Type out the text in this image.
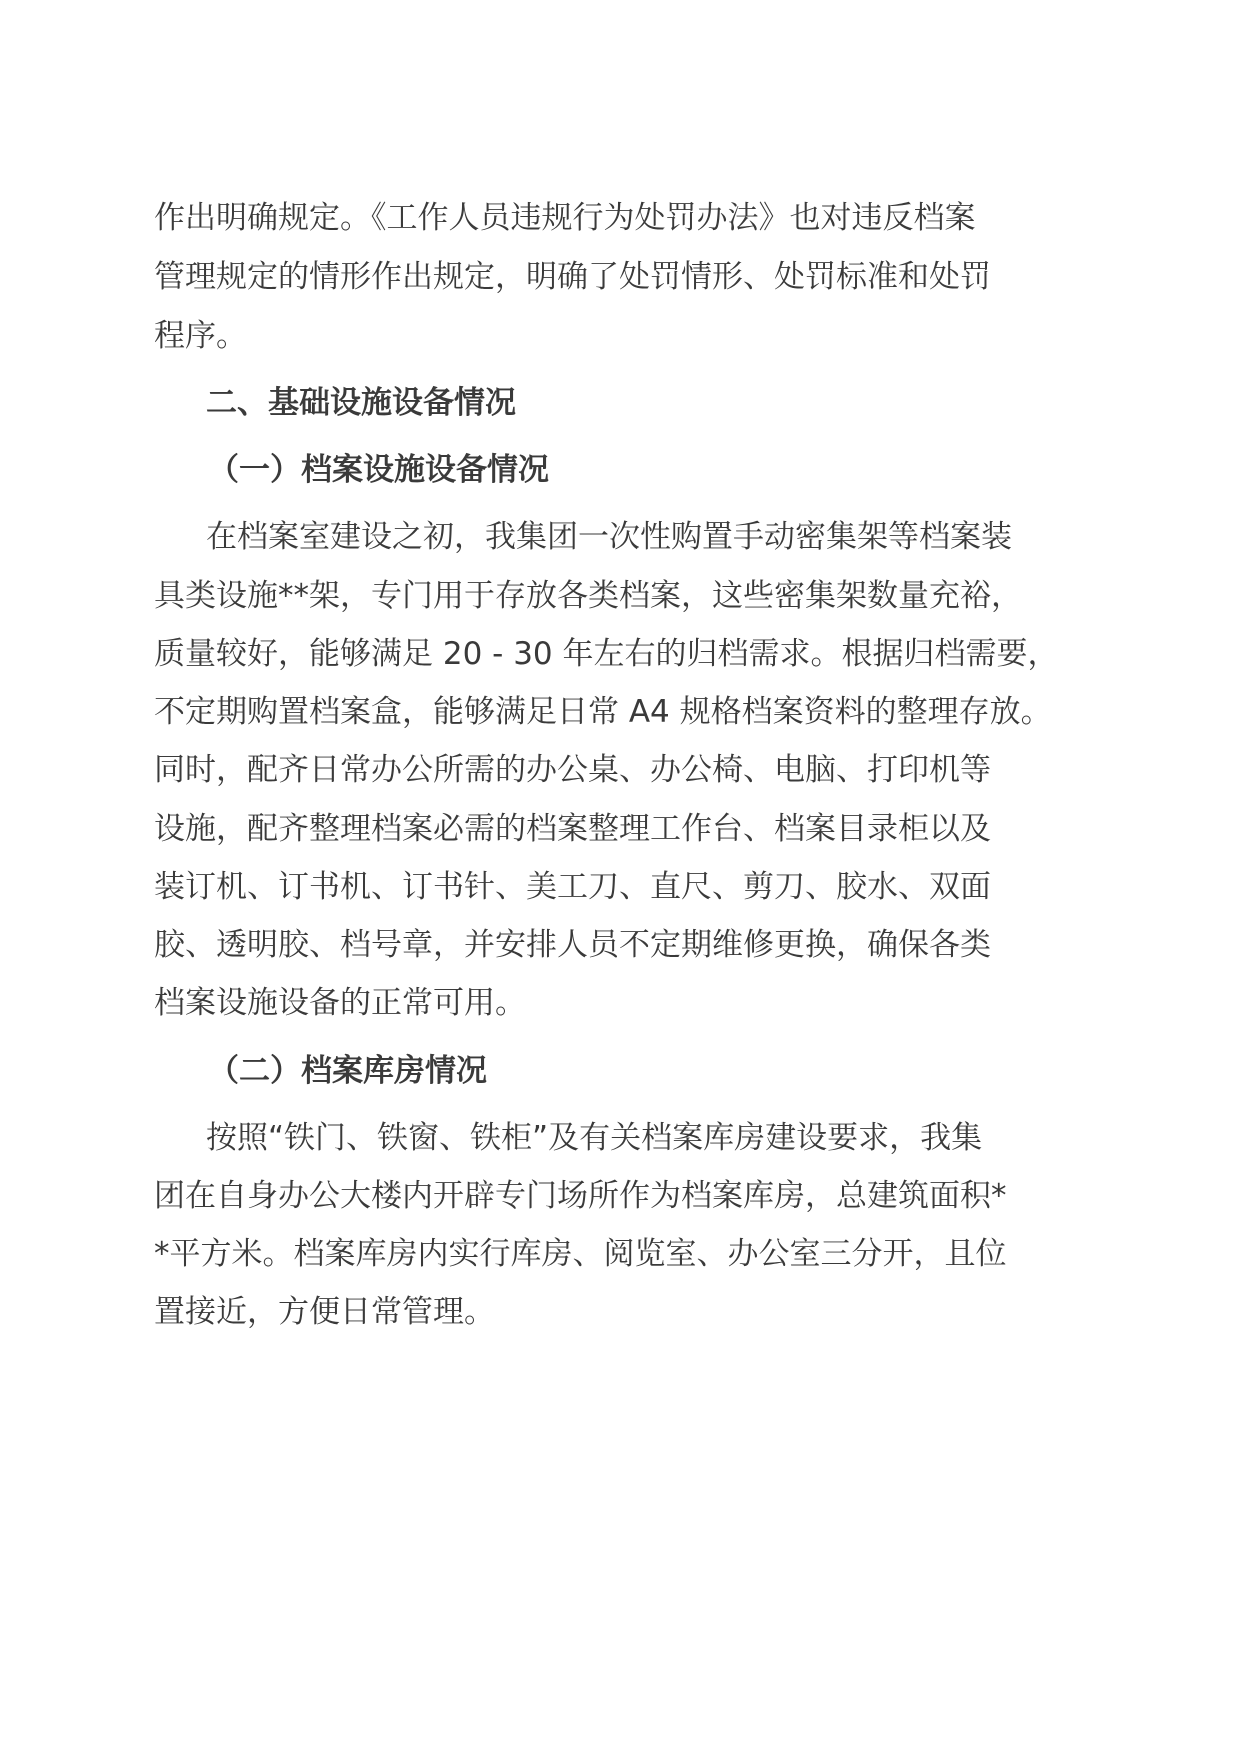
作出明确规定。《工作人员违规行为处罚办法》也对违反档案
管理规定的情形作出规定，明确了处罚情形、处罚标准和处罚
程序。
二、基础设施设备情况
（一）档案设施设备情况
在档案室建设之初，我集团一次性购置手动密集架等档案装
具类设施**架，专门用于存放各类档案，这些密集架数量充裕，
质量较好，能够满足 20 - 30 年左右的归档需求。根据归档需要，
不定期购置档案盒，能够满足日常 A4 规格档案资料的整理存放。
同时，配齐日常办公所需的办公桌、办公椅、电脑、打印机等
设施，配齐整理档案必需的档案整理工作台、档案目录柜以及
装订机、订书机、订书针、美工刀、直尺、剪刀、胶水、双面
胶、透明胶、档号章，并安排人员不定期维修更换，确保各类
档案设施设备的正常可用。
（二）档案库房情况
按照“铁门、铁窗、铁柜”及有关档案库房建设要求，我集
团在自身办公大楼内开辟专门场所作为档案库房，总建筑面积*
*平方米。档案库房内实行库房、阅览室、办公室三分开，且位
置接近，方便日常管理。
